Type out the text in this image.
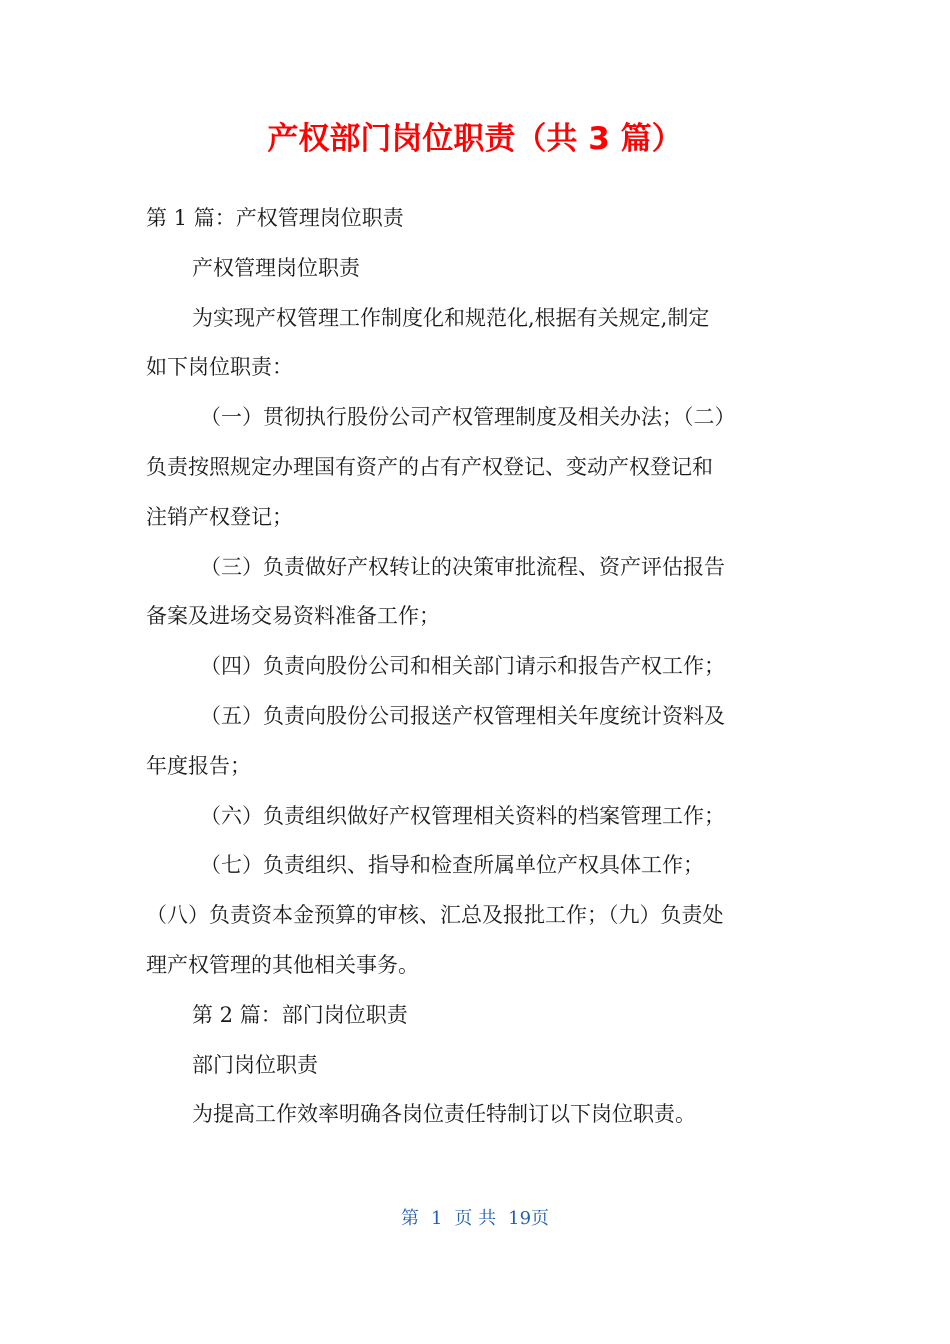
产权部门岗位职责（共 3 篇）
第 1 篇：产权管理岗位职责
产权管理岗位职责
为实现产权管理工作制度化和规范化,根据有关规定,制定
如下岗位职责：
（一）贯彻执行股份公司产权管理制度及相关办法；（二）
负责按照规定办理国有资产的占有产权登记、变动产权登记和
注销产权登记；
（三）负责做好产权转让的决策审批流程、资产评估报告
备案及进场交易资料准备工作；
（四）负责向股份公司和相关部门请示和报告产权工作；
（五）负责向股份公司报送产权管理相关年度统计资料及
年度报告；
（六）负责组织做好产权管理相关资料的档案管理工作；
（七）负责组织、指导和检查所属单位产权具体工作；
（八）负责资本金预算的审核、汇总及报批工作；（九）负责处
理产权管理的其他相关事务。
第 2 篇：部门岗位职责
部门岗位职责
为提高工作效率明确各岗位责任特制订以下岗位职责。
第 1 页 共 19页
